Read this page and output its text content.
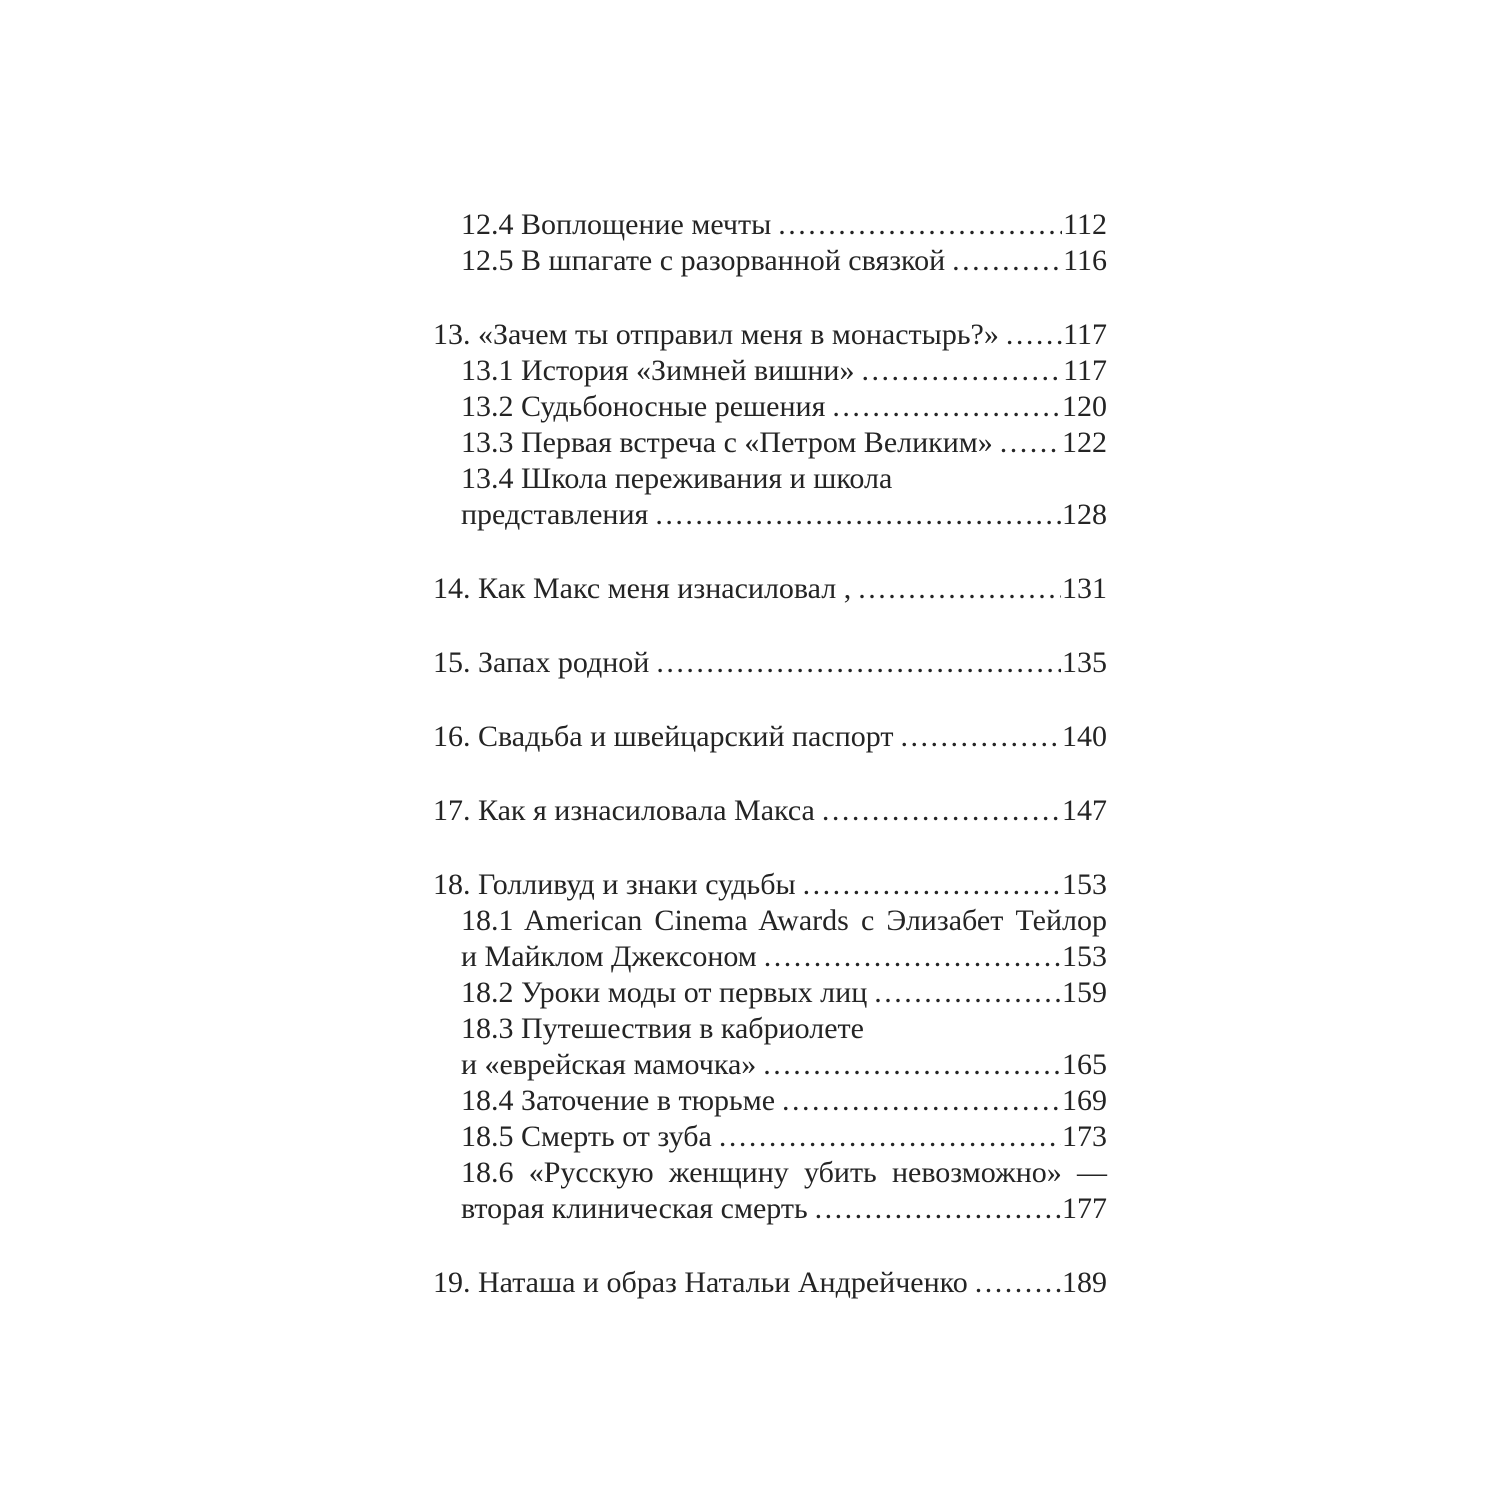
12.4 Воплощение мечты .....	112
12.5 В шпагате с разорванной связкой .....	116
13. «Зачем ты отправил меня в монастырь?» ..... 117
13.1 История «Зимней вишни» .....	117
13.2 Судьбоносные решения .....	120
13.3 Первая встреча с «Петром Великим» ..... 122
13.4 Школа переживания и школа
представления .....	128
14. Как Макс меня изнасиловал , .....	131
15. Запах родной .....	135
16. Свадьба и швейцарский паспорт .....	140
17. Как я изнасиловала Макса .....	147
18. Голливуд и знаки судьбы .....	153
18.1 American Cinema Awards с Элизабет Тейлор
и Майклом Джексоном .....	153
18.2 Уроки моды от первых лиц .....	159
18.3 Путешествия в кабриолете
и «еврейская мамочка» .....	165
18.4 Заточение в тюрьме .....	169
18.5 Смерть от зуба .....	173
18.6 «Русскую женщину убить невозможно» —
вторая клиническая смерть .....	177
19. Наташа и образ Натальи Андрейченко .....	189
